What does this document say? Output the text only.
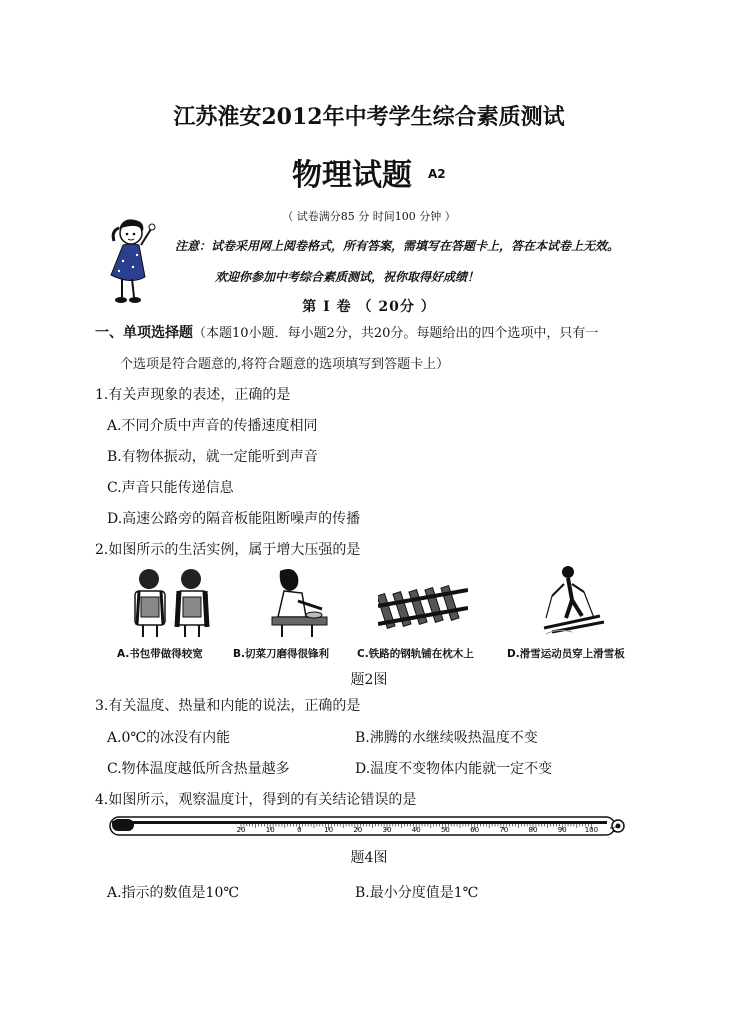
江苏淮安2012年中考学生综合素质测试
物理试题 A2
（ 试卷满分85 分 时间100 分钟 ）
注意：试卷采用网上阅卷格式，所有答案，需填写在答题卡上，答在本试卷上无效。
欢迎你参加中考综合素质测试，祝你取得好成绩！
第 Ⅰ 卷 （ 20分 ）
一、单项选择题（本题10小题．每小题2分，共20分。每题给出的四个选项中，只有一
个选项是符合题意的,将符合题意的选项填写到答题卡上）
1.有关声现象的表述，正确的是
A.不同介质中声音的传播速度相同
B.有物体振动，就一定能听到声音
C.声音只能传递信息
D.高速公路旁的隔音板能阻断噪声的传播
2.如图所示的生活实例，属于增大压强的是
A.书包带做得较宽	B.切菜刀磨得很锋利	C.铁路的钢轨铺在枕木上	D.滑雪运动员穿上滑雪板
题2图
3.有关温度、热量和内能的说法，正确的是
A.0℃的冰没有内能	B.沸腾的水继续吸热温度不变
C.物体温度越低所含热量越多	D.温度不变物体内能就一定不变
4.如图所示，观察温度计，得到的有关结论错误的是
20	10	0	10	20	30	40	50	60	70	80	90	100 ℃
题4图
A.指示的数值是10℃	B.最小分度值是1℃
